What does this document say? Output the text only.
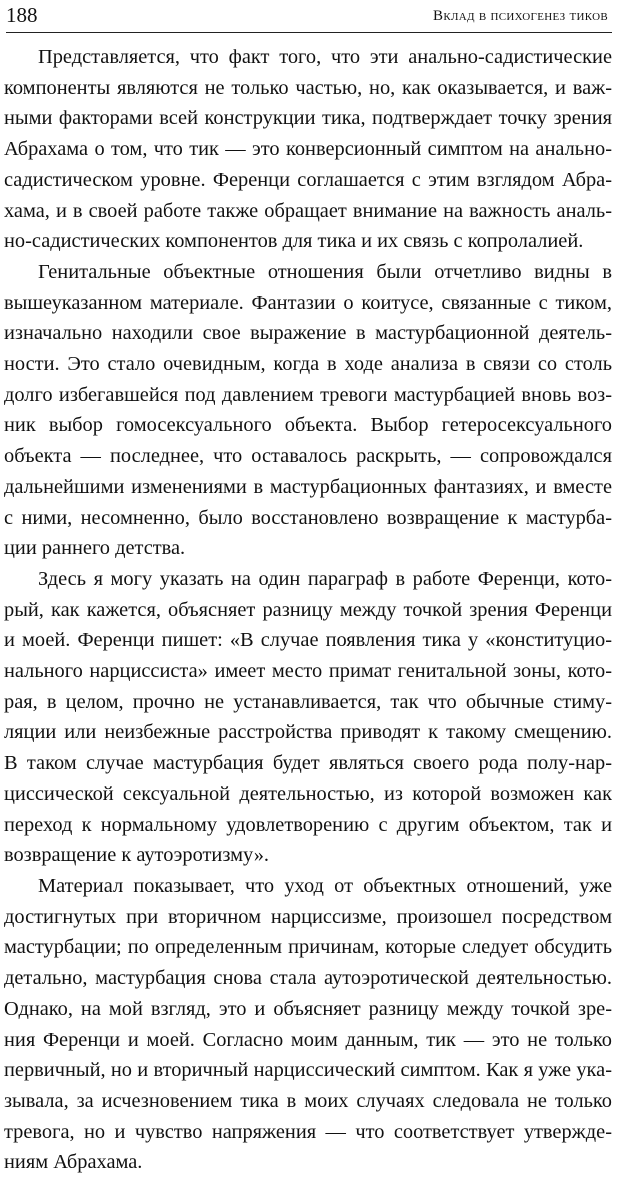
188	Вклад в психогенез тиков

Представляется, что факт того, что эти анально-садистические
компоненты являются не только частью, но, как оказывается, и важ-
ными факторами всей конструкции тика, подтверждает точку зрения
Абрахама о том, что тик — это конверсионный симптом на анально-
садистическом уровне. Ференци соглашается с этим взглядом Абра-
хама, и в своей работе также обращает внимание на важность аналь-
но-садистических компонентов для тика и их связь с копролалией.

Генитальные объектные отношения были отчетливо видны в
вышеуказанном материале. Фантазии о коитусе, связанные с тиком,
изначально находили свое выражение в мастурбационной деятель-
ности. Это стало очевидным, когда в ходе анализа в связи со столь
долго избегавшейся под давлением тревоги мастурбацией вновь воз-
ник выбор гомосексуального объекта. Выбор гетеросексуального
объекта — последнее, что оставалось раскрыть, — сопровождался
дальнейшими изменениями в мастурбационных фантазиях, и вместе
с ними, несомненно, было восстановлено возвращение к мастурба-
ции раннего детства.

Здесь я могу указать на один параграф в работе Ференци, кото-
рый, как кажется, объясняет разницу между точкой зрения Ференци
и моей. Ференци пишет: «В случае появления тика у «конституцио-
нального нарциссиста» имеет место примат генитальной зоны, кото-
рая, в целом, прочно не устанавливается, так что обычные стиму-
ляции или неизбежные расстройства приводят к такому смещению.
В таком случае мастурбация будет являться своего рода полу-нар-
циссической сексуальной деятельностью, из которой возможен как
переход к нормальному удовлетворению с другим объектом, так и
возвращение к аутоэротизму».

Материал показывает, что уход от объектных отношений, уже
достигнутых при вторичном нарциссизме, произошел посредством
мастурбации; по определенным причинам, которые следует обсудить
детально, мастурбация снова стала аутоэротической деятельностью.
Однако, на мой взгляд, это и объясняет разницу между точкой зре-
ния Ференци и моей. Согласно моим данным, тик — это не только
первичный, но и вторичный нарциссический симптом. Как я уже ука-
зывала, за исчезновением тика в моих случаях следовала не только
тревога, но и чувство напряжения — что соответствует утвержде-
ниям Абрахама.
